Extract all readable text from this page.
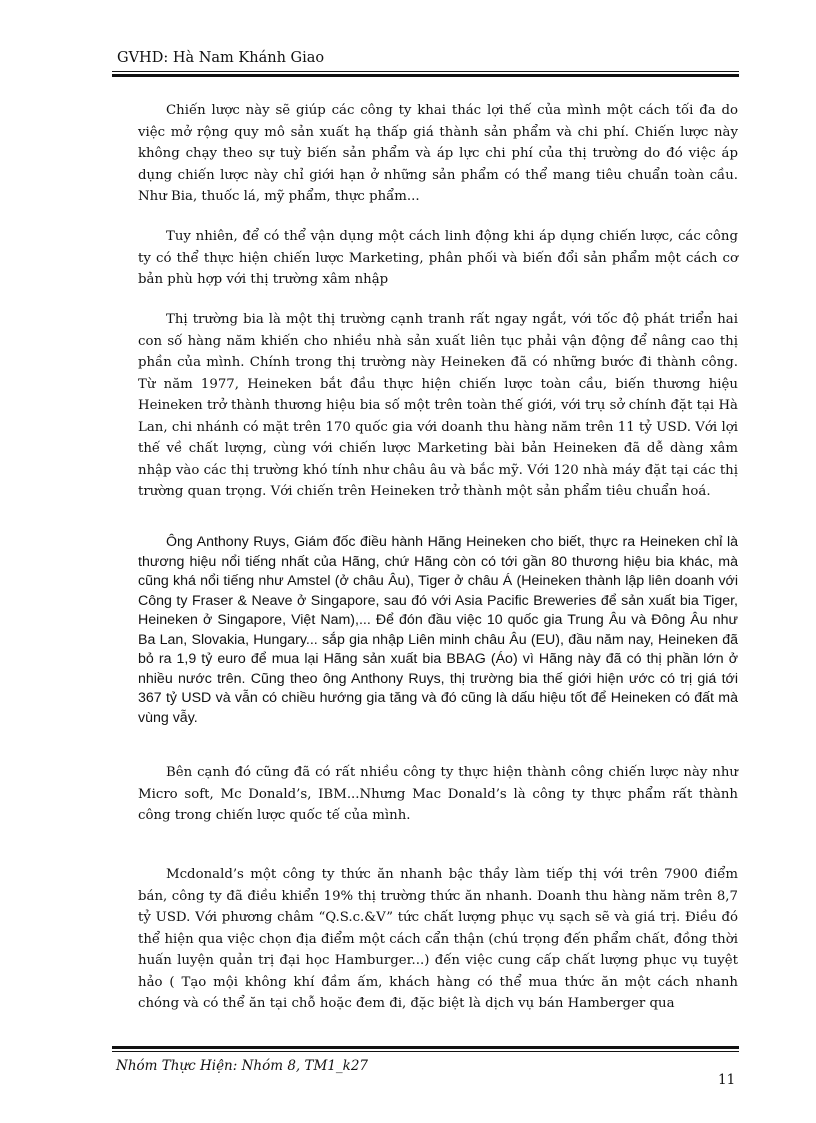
GVHD: Hà Nam Khánh Giao

Chiến lược này sẽ giúp các công ty khai thác lợi thế của mình một cách tối đa do việc mở rộng quy mô sản xuất hạ thấp giá thành sản phẩm và chi phí. Chiến lược này không chạy theo sự tuỳ biến sản phẩm và áp lực chi phí của thị trường do đó việc áp dụng chiến lược này chỉ giới hạn ở những sản phẩm có thể mang tiêu chuẩn toàn cầu. Như Bia, thuốc lá, mỹ phẩm, thực phẩm...

Tuy nhiên, để có thể vận dụng một cách linh động khi áp dụng chiến lược, các công ty có thể thực hiện chiến lược Marketing, phân phối và biến đổi sản phẩm một cách cơ bản phù hợp với thị trường xâm nhập

Thị trường bia là một thị trường cạnh tranh rất ngay ngắt, với tốc độ phát triển hai con số hàng năm khiến cho nhiều nhà sản xuất liên tục phải vận động để nâng cao thị phần của mình. Chính trong thị trường này Heineken đã có những bước đi thành công. Từ năm 1977, Heineken bắt đầu thực hiện chiến lược toàn cầu, biến thương hiệu Heineken trở thành thương hiệu bia số một trên toàn thế giới, với trụ sở chính đặt tại Hà Lan, chi nhánh có mặt trên 170 quốc gia với doanh thu hàng năm trên 11 tỷ USD. Với lợi thế về chất lượng, cùng với chiến lược Marketing bài bản Heineken đã dễ dàng xâm nhập vào các thị trường khó tính như châu âu và bắc mỹ. Với 120 nhà máy đặt tại các thị trường quan trọng. Với chiến trên Heineken trở thành một sản phẩm tiêu chuẩn hoá.

Ông Anthony Ruys, Giám đốc điều hành Hãng Heineken cho biết, thực ra Heineken chỉ là thương hiệu nổi tiếng nhất của Hãng, chứ Hãng còn có tới gần 80 thương hiệu bia khác, mà cũng khá nổi tiếng như Amstel (ở châu Âu), Tiger ở châu Á (Heineken thành lập liên doanh với Công ty Fraser & Neave ở Singapore, sau đó với Asia Pacific Breweries để sản xuất bia Tiger, Heineken ở Singapore, Việt Nam),... Để đón đầu việc 10 quốc gia Trung Âu và Đông Âu như Ba Lan, Slovakia, Hungary... sắp gia nhập Liên minh châu Âu (EU), đầu năm nay, Heineken đã bỏ ra 1,9 tỷ euro để mua lại Hãng sản xuất bia BBAG (Áo) vì Hãng này đã có thị phần lớn ở nhiều nước trên. Cũng theo ông Anthony Ruys, thị trường bia thế giới hiện ước có trị giá tới 367 tỷ USD và vẫn có chiều hướng gia tăng và đó cũng là dấu hiệu tốt để Heineken có đất mà vùng vẫy.

Bên cạnh đó cũng đã có rất nhiều công ty thực hiện thành công chiến lược này như Micro soft, Mc Donald’s, IBM...Nhưng Mac Donald’s là công ty thực phẩm rất thành công trong chiến lược quốc tế của mình.

Mcdonald’s một công ty thức ăn nhanh bậc thầy làm tiếp thị với trên 7900 điểm bán, công ty đã điều khiển 19% thị trường thức ăn nhanh. Doanh thu hàng năm trên 8,7 tỷ USD. Với phương châm “Q.S.c.&V” tức chất lượng phục vụ sạch sẽ và giá trị. Điều đó thể hiện qua việc chọn địa điểm một cách cẩn thận (chú trọng đến phẩm chất, đồng thời huấn luyện quản trị đại học Hamburger...) đến việc cung cấp chất lượng phục vụ tuyệt hảo ( Tạo mội không khí đầm ấm, khách hàng có thể mua thức ăn một cách nhanh chóng và có thể ăn tại chỗ hoặc đem đi, đặc biệt là dịch vụ bán Hamberger qua

Nhóm Thực Hiện: Nhóm 8, TM1_k27
11
